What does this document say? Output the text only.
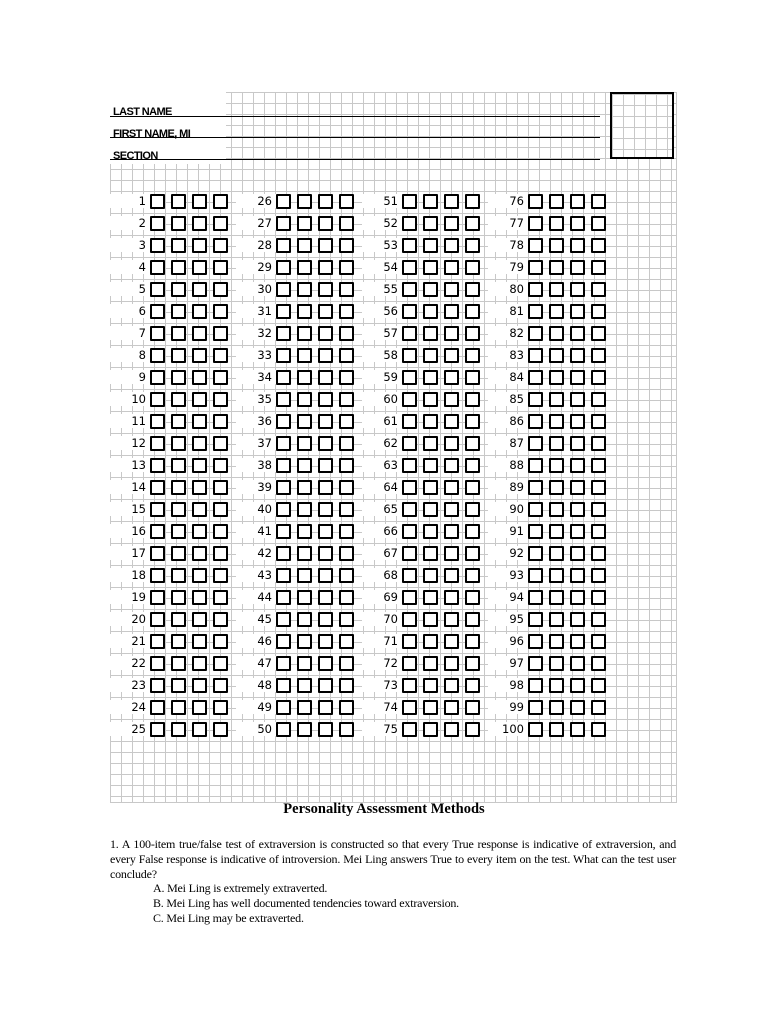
LAST NAME
FIRST NAME, MI
SECTION
1
2
3
4
5
6
7
8
9
10
11
12
13
14
15
16
17
18
19
20
21
22
23
24
25
26
27
28
29
30
31
32
33
34
35
36
37
38
39
40
41
42
43
44
45
46
47
48
49
50
51
52
53
54
55
56
57
58
59
60
61
62
63
64
65
66
67
68
69
70
71
72
73
74
75
76
77
78
79
80
81
82
83
84
85
86
87
88
89
90
91
92
93
94
95
96
97
98
99
100
Personality Assessment Methods
1. A 100-item true/false test of extraversion is constructed so that every True response is indicative of extraversion, and every False response is indicative of introversion. Mei Ling answers True to every item on the test. What can the test user conclude?
A. Mei Ling is extremely extraverted.
B. Mei Ling has well documented tendencies toward extraversion.
C. Mei Ling may be extraverted.
